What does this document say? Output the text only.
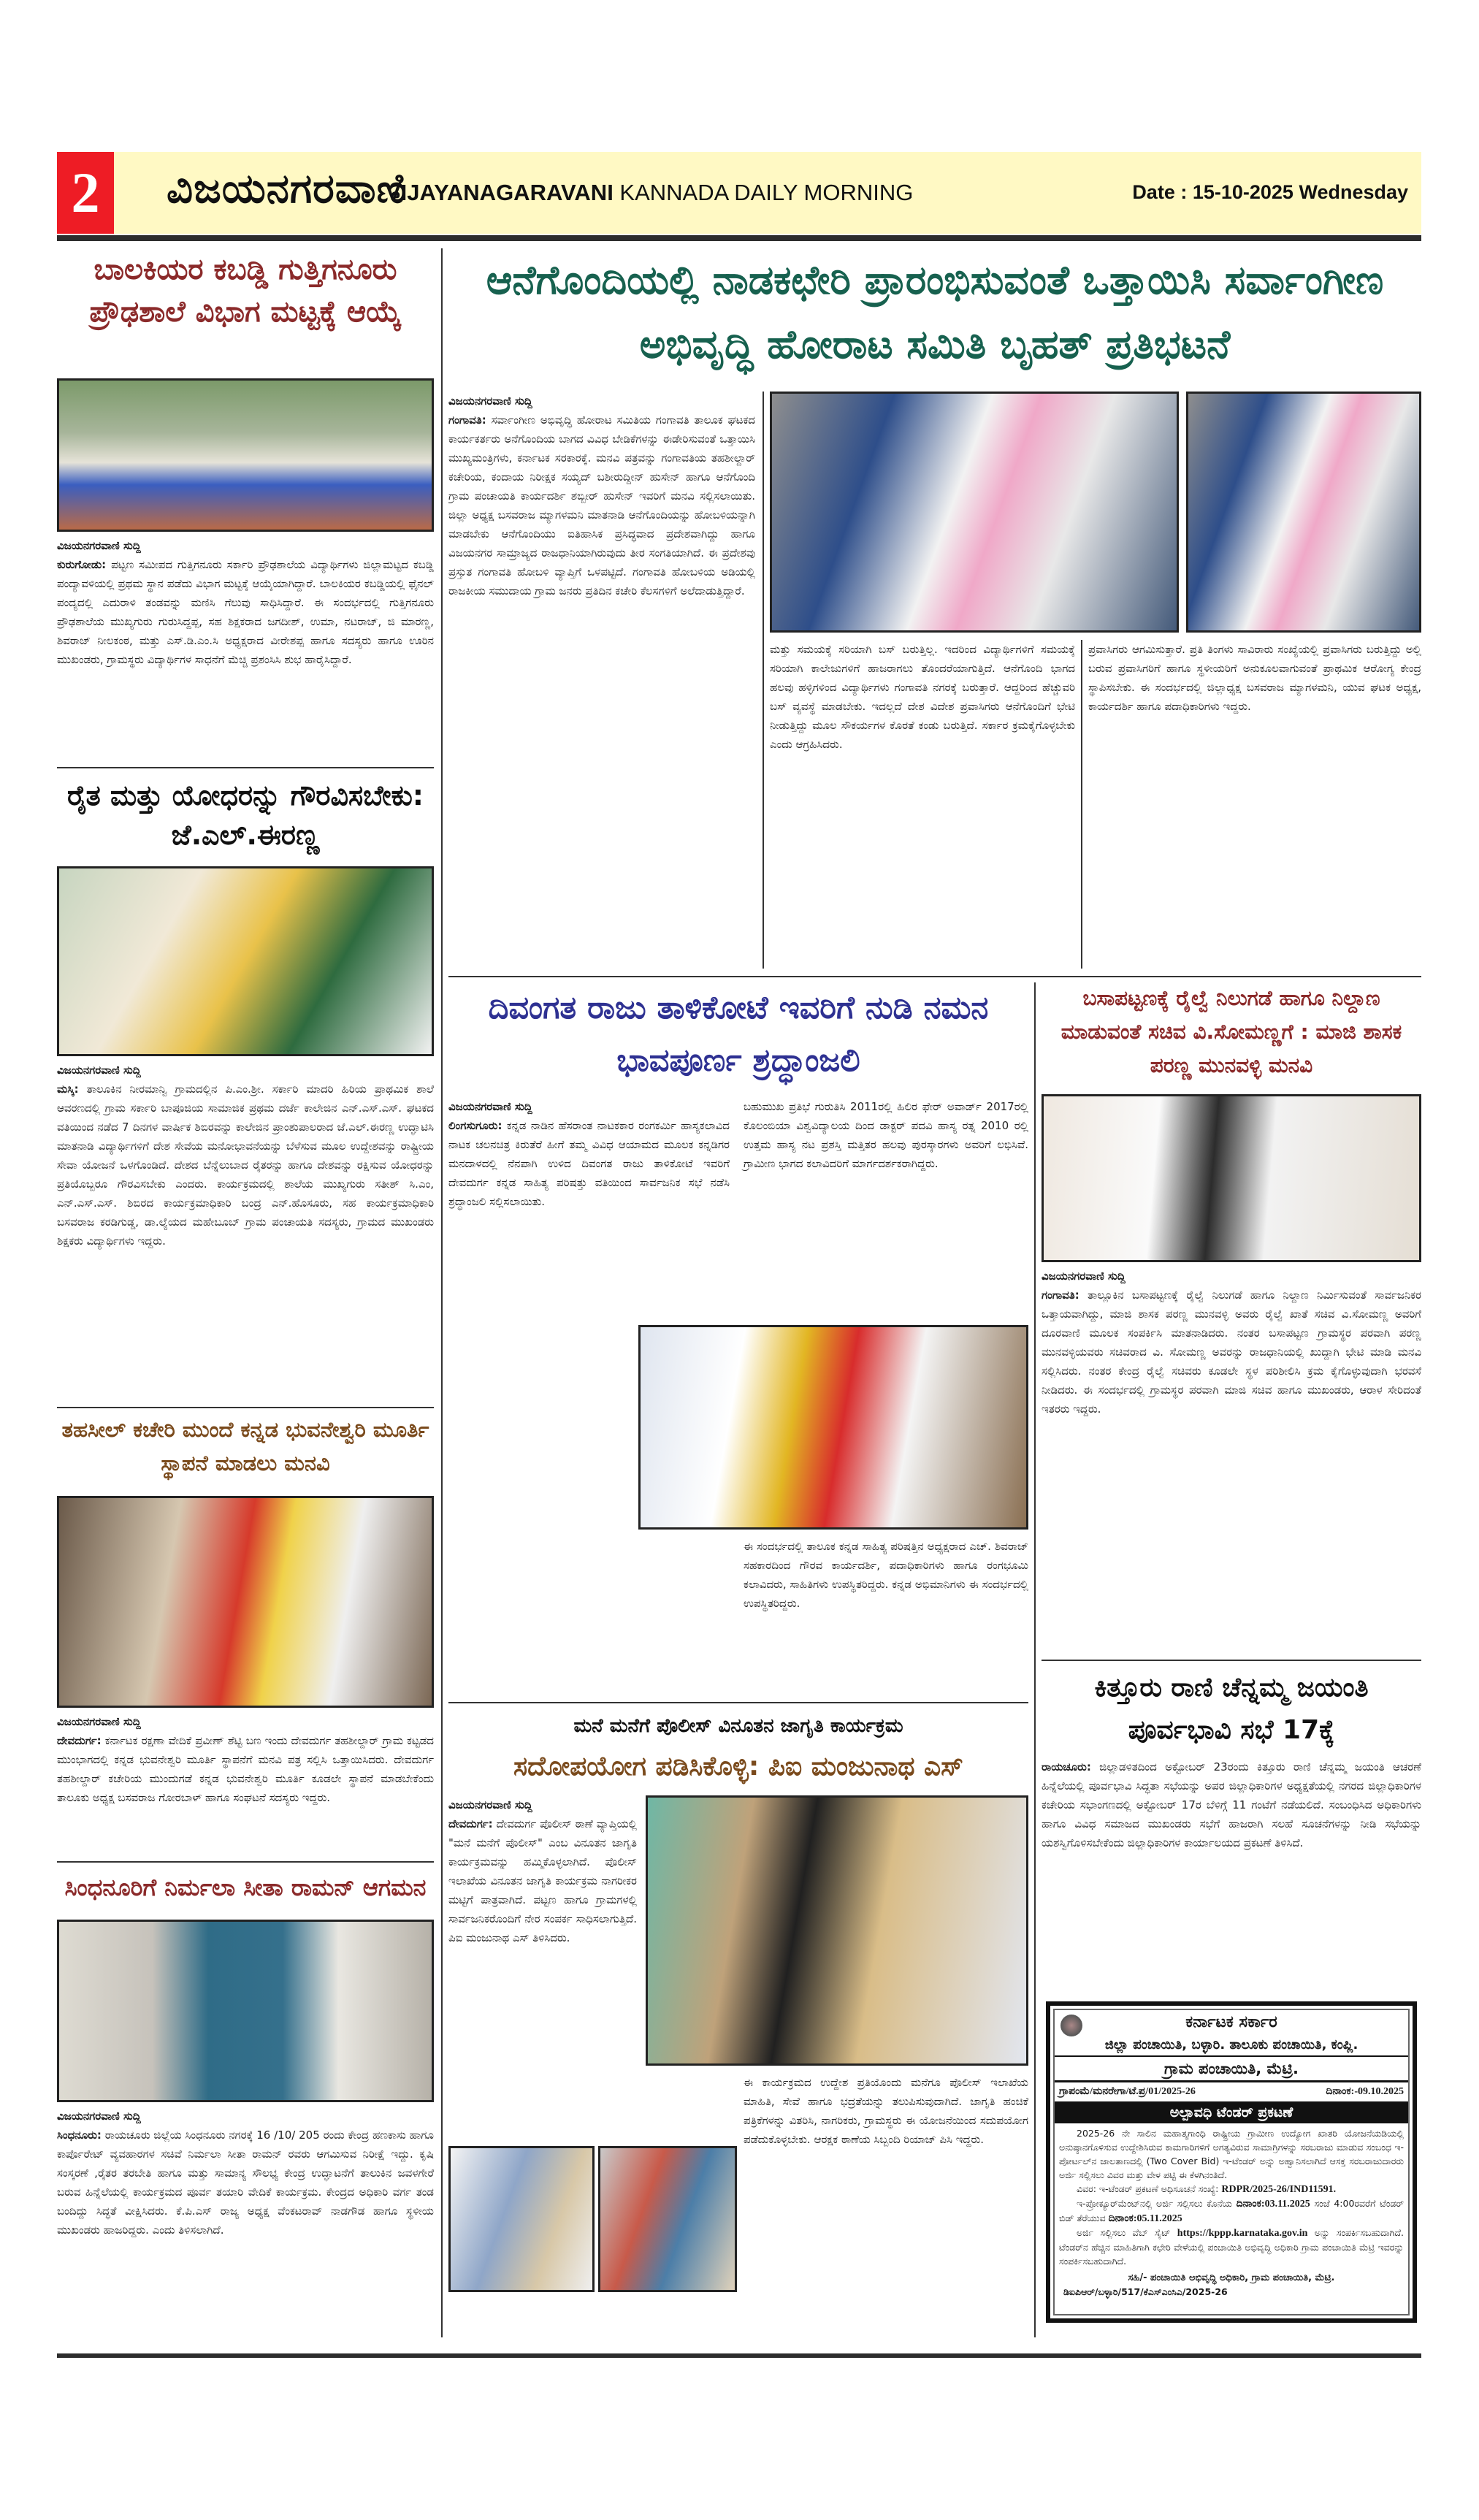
2	ವಿಜಯನಗರವಾಣಿ
VIJAYANAGARAVANI KANNADA DAILY MORNING	Date : 15-10-2025 Wednesday
ಬಾಲಕಿಯರ ಕಬಡ್ಡಿ ಗುತ್ತಿಗನೂರು ಪ್ರೌಢಶಾಲೆ ವಿಭಾಗ ಮಟ್ಟಕ್ಕೆ ಆಯ್ಕೆ
ವಿಜಯನಗರವಾಣಿ ಸುದ್ದಿ
ಕುರುಗೋಡು: ಪಟ್ಟಣ ಸಮೀಪದ ಗುತ್ತಿಗನೂರು ಸರ್ಕಾರಿ ಪ್ರೌಢಶಾಲೆಯ ವಿದ್ಯಾರ್ಥಿಗಳು ಜಿಲ್ಲಾಮಟ್ಟದ ಕಬಡ್ಡಿ ಪಂದ್ಯಾವಳಿಯಲ್ಲಿ ಪ್ರಥಮ ಸ್ಥಾನ ಪಡೆದು ವಿಭಾಗ ಮಟ್ಟಕ್ಕೆ ಆಯ್ಕೆಯಾಗಿದ್ದಾರೆ. ಬಾಲಕಿಯರ ಕಬಡ್ಡಿಯಲ್ಲಿ ಫೈನಲ್ ಪಂದ್ಯದಲ್ಲಿ ಎದುರಾಳಿ ತಂಡವನ್ನು ಮಣಿಸಿ ಗೆಲುವು ಸಾಧಿಸಿದ್ದಾರೆ. ಈ ಸಂದರ್ಭದಲ್ಲಿ ಗುತ್ತಿಗನೂರು ಪ್ರೌಢಶಾಲೆಯ ಮುಖ್ಯಗುರು ಗುರುಸಿದ್ದಪ್ಪ, ಸಹ ಶಿಕ್ಷಕರಾದ ಜಗದೀಶ್, ಉಮಾ, ನಟರಾಜ್, ಜಿ ಮಾರಣ್ಣ, ಶಿವರಾಜ್ ನೀಲಕಂಠ, ಮತ್ತು ಎಸ್.ಡಿ.ಎಂ.ಸಿ ಅಧ್ಯಕ್ಷರಾದ ವೀರೇಶಪ್ಪ ಹಾಗೂ ಸದಸ್ಯರು ಹಾಗೂ ಊರಿನ ಮುಖಂಡರು, ಗ್ರಾಮಸ್ಥರು ವಿದ್ಯಾರ್ಥಿಗಳ ಸಾಧನೆಗೆ ಮೆಚ್ಚಿ ಪ್ರಶಂಸಿಸಿ ಶುಭ ಹಾರೈಸಿದ್ದಾರೆ.
ರೈತ ಮತ್ತು ಯೋಧರನ್ನು ಗೌರವಿಸಬೇಕು: ಜೆ.ಎಲ್.ಈರಣ್ಣ
ವಿಜಯನಗರವಾಣಿ ಸುದ್ದಿ
ಮಸ್ಕಿ: ತಾಲೂಕಿನ ನೀರಮಾನ್ವಿ ಗ್ರಾಮದಲ್ಲಿನ ಪಿ.ಎಂ.ಶ್ರೀ. ಸರ್ಕಾರಿ ಮಾದರಿ ಹಿರಿಯ ಪ್ರಾಥಮಿಕ ಶಾಲೆ ಆವರಣದಲ್ಲಿ ಗ್ರಾಮ ಸರ್ಕಾರಿ ಬಾಪೂಜಿಯ ಸಾಮಾಜಿಕ ಪ್ರಥಮ ದರ್ಜೆ ಕಾಲೇಜಿನ ಎನ್.ಎಸ್.ಎಸ್. ಘಟಕದ ವತಿಯಿಂದ ನಡೆದ 7 ದಿನಗಳ ವಾರ್ಷಿಕ ಶಿಬಿರವನ್ನು ಕಾಲೇಜಿನ ಪ್ರಾಂಶುಪಾಲರಾದ ಜೆ.ಎಲ್.ಈರಣ್ಣ ಉದ್ಘಾಟಿಸಿ ಮಾತನಾಡಿ ವಿದ್ಯಾರ್ಥಿಗಳಿಗೆ ದೇಶ ಸೇವೆಯ ಮನೋಭಾವನೆಯನ್ನು ಬೆಳೆಸುವ ಮೂಲ ಉದ್ದೇಶವನ್ನು ರಾಷ್ಟ್ರೀಯ ಸೇವಾ ಯೋಜನೆ ಒಳಗೊಂಡಿದೆ. ದೇಶದ ಬೆನ್ನೆಲುಬಾದ ರೈತರನ್ನು ಹಾಗೂ ದೇಶವನ್ನು ರಕ್ಷಿಸುವ ಯೋಧರನ್ನು ಪ್ರತಿಯೊಬ್ಬರೂ ಗೌರವಿಸಬೇಕು ಎಂದರು. ಕಾರ್ಯಕ್ರಮದಲ್ಲಿ ಶಾಲೆಯ ಮುಖ್ಯಗುರು ಸತೀಶ್ ಸಿ.ಎಂ, ಎನ್.ಎಸ್.ಎಸ್. ಶಿಬಿರದ ಕಾರ್ಯಕ್ರಮಾಧಿಕಾರಿ ಬಂದ್ರ ಎನ್.ಹೊಸೂರು, ಸಹ ಕಾರ್ಯಕ್ರಮಾಧಿಕಾರಿ ಬಸವರಾಜ ಕರಡಿಗುಡ್ಡ, ಡಾ.ಲ್ಯೆಯದ ಮಹೇಬೂಬ್ ಗ್ರಾಮ ಪಂಚಾಯತಿ ಸದಸ್ಯರು, ಗ್ರಾಮದ ಮುಖಂಡರು ಶಿಕ್ಷಕರು ವಿದ್ಯಾರ್ಥಿಗಳು ಇದ್ದರು.
ತಹಸೀಲ್ ಕಚೇರಿ ಮುಂದೆ ಕನ್ನಡ ಭುವನೇಶ್ವರಿ ಮೂರ್ತಿ ಸ್ಥಾಪನೆ ಮಾಡಲು ಮನವಿ
ವಿಜಯನಗರವಾಣಿ ಸುದ್ದಿ
ದೇವದುರ್ಗ: ಕರ್ನಾಟಕ ರಕ್ಷಣಾ ವೇದಿಕೆ ಪ್ರವೀಣ್ ಶೆಟ್ಟಿ ಬಣ ಇಂದು ದೇವದುರ್ಗ ತಹಶೀಲ್ದಾರ್ ಗ್ರಾಮ ಕಟ್ಟಡದ ಮುಂಭಾಗದಲ್ಲಿ ಕನ್ನಡ ಭುವನೇಶ್ವರಿ ಮೂರ್ತಿ ಸ್ಥಾಪನೆಗೆ ಮನವಿ ಪತ್ರ ಸಲ್ಲಿಸಿ ಒತ್ತಾಯಿಸಿದರು. ದೇವದುರ್ಗ ತಹಶೀಲ್ದಾರ್ ಕಚೇರಿಯ ಮುಂದುಗಡೆ ಕನ್ನಡ ಭುವನೇಶ್ವರಿ ಮೂರ್ತಿ ಕೂಡಲೇ ಸ್ಥಾಪನೆ ಮಾಡಬೇಕೆಂದು ತಾಲೂಕು ಅಧ್ಯಕ್ಷ ಬಸವರಾಜ ಗೋರಬಾಳ್ ಹಾಗೂ ಸಂಘಟನೆ ಸದಸ್ಯರು ಇದ್ದರು.
ಸಿಂಧನೂರಿಗೆ ನಿರ್ಮಲಾ ಸೀತಾ ರಾಮನ್ ಆಗಮನ
ವಿಜಯನಗರವಾಣಿ ಸುದ್ದಿ
ಸಿಂಧನೂರು: ರಾಯಚೂರು ಜಿಲ್ಲೆಯ ಸಿಂಧನೂರು ನಗರಕ್ಕೆ 16 /10/ 205 ರಂದು ಕೇಂದ್ರ ಹಣಕಾಸು ಹಾಗೂ ಕಾರ್ಪೊರೇಟ್ ವ್ಯವಹಾರಗಳ ಸಚಿವೆ ನಿರ್ಮಲಾ ಸೀತಾ ರಾಮನ್ ರವರು ಆಗಮಿಸುವ ನಿರೀಕ್ಷೆ ಇದ್ದು. ಕೃಷಿ ಸಂಸ್ಕರಣೆ ,ರೈತರ ತರಬೇತಿ ಹಾಗೂ ಮತ್ತು ಸಾಮಾನ್ಯ ಸೌಲಭ್ಯ ಕೇಂದ್ರ ಉದ್ಘಾಟನೆಗೆ ತಾಲುಕಿನ ಜವಳಗೇರೆ ಬರುವ ಹಿನ್ನೆಲೆಯಲ್ಲಿ ಕಾರ್ಯಕ್ರಮದ ಪೂರ್ವ ತಯಾರಿ ವೇದಿಕೆ ಕಾರ್ಯಕ್ರಮ. ಕೇಂದ್ರದ ಅಧಿಕಾರಿ ವರ್ಗ ತಂಡ ಬಂದಿದ್ದು ಸಿದ್ಧತೆ ವೀಕ್ಷಿಸಿದರು. ಕೆ.ಪಿ.ಎಸ್ ರಾಜ್ಯ ಅಧ್ಯಕ್ಷ ವೆಂಕಟರಾವ್ ನಾಡಗೌಡ ಹಾಗೂ ಸ್ಥಳೀಯ ಮುಖಂಡರು ಹಾಜರಿದ್ದರು. ಎಂದು ತಿಳಿಸಲಾಗಿದೆ.
ಆನೆಗೊಂದಿಯಲ್ಲಿ ನಾಡಕಛೇರಿ ಪ್ರಾರಂಭಿಸುವಂತೆ ಒತ್ತಾಯಿಸಿ ಸರ್ವಾಂಗೀಣ ಅಭಿವೃದ್ಧಿ ಹೋರಾಟ ಸಮಿತಿ ಬೃಹತ್ ಪ್ರತಿಭಟನೆ
ವಿಜಯನಗರವಾಣಿ ಸುದ್ದಿ
ಗಂಗಾವತಿ: ಸರ್ವಾಂಗೀಣ ಅಭಿವೃದ್ಧಿ ಹೋರಾಟ ಸಮಿತಿಯ ಗಂಗಾವತಿ ತಾಲೂಕ ಘಟಕದ ಕಾರ್ಯಕರ್ತರು ಅನೆಗೊಂದಿಯ ಬಾಗದ ವಿವಿಧ ಬೇಡಿಕೆಗಳನ್ನು ಈಡೇರಿಸುವಂತೆ ಒತ್ತಾಯಿಸಿ ಮುಖ್ಯಮಂತ್ರಿಗಳು, ಕರ್ನಾಟಕ ಸರಕಾರಕ್ಕೆ. ಮನವಿ ಪತ್ರವನ್ನು ಗಂಗಾವತಿಯ ತಹಶೀಲ್ದಾರ್ ಕಚೇರಿಯ, ಕಂದಾಯ ನಿರೀಕ್ಷಕ ಸಯ್ಯದ್ ಬಶೀರುದ್ದೀನ್ ಹುಸೇನ್ ಹಾಗೂ ಆನೆಗೊಂದಿ ಗ್ರಾಮ ಪಂಚಾಯತಿ ಕಾರ್ಯದರ್ಶಿ ಶಬ್ಬೀರ್ ಹುಸೇನ್ ಇವರಿಗೆ ಮನವಿ ಸಲ್ಲಿಸಲಾಯಿತು. ಜಿಲ್ಲಾ ಅಧ್ಯಕ್ಷ ಬಸವರಾಜ ಮ್ಯಾಗಳಮನಿ ಮಾತನಾಡಿ ಆನೆಗೊಂದಿಯನ್ನು ಹೋಬಳಿಯನ್ನಾಗಿ ಮಾಡಬೇಕು ಆನೆಗೊಂದಿಯು ಐತಿಹಾಸಿಕ ಪ್ರಸಿದ್ಧವಾದ ಪ್ರದೇಶವಾಗಿದ್ದು ಹಾಗೂ ವಿಜಯನಗರ ಸಾಮ್ರಾಜ್ಯದ ರಾಜಧಾನಿಯಾಗಿರುವುದು ತೀರ ಸಂಗತಿಯಾಗಿದೆ. ಈ ಪ್ರದೇಶವು ಪ್ರಸ್ತುತ ಗಂಗಾವತಿ ಹೋಬಳಿ ವ್ಯಾಪ್ತಿಗೆ ಒಳಪಟ್ಟಿದೆ. ಗಂಗಾವತಿ ಹೋಬಳಿಯ ಅಡಿಯಲ್ಲಿ ರಾಜಕೀಯ ಸಮುದಾಯ ಗ್ರಾಮ ಜನರು ಪ್ರತಿದಿನ ಕಚೇರಿ ಕೆಲಸಗಳಿಗೆ ಅಲೆದಾಡುತ್ತಿದ್ದಾರೆ.
ಮತ್ತು ಸಮಯಕ್ಕೆ ಸರಿಯಾಗಿ ಬಸ್ ಬರುತ್ತಿಲ್ಲ. ಇದರಿಂದ ವಿದ್ಯಾರ್ಥಿಗಳಿಗೆ ಸಮಯಕ್ಕೆ ಸರಿಯಾಗಿ ಕಾಲೇಜುಗಳಿಗೆ ಹಾಜರಾಗಲು ತೊಂದರೆಯಾಗುತ್ತಿದೆ. ಆನೆಗೊಂದಿ ಭಾಗದ ಹಲವು ಹಳ್ಳಿಗಳಿಂದ ವಿದ್ಯಾರ್ಥಿಗಳು ಗಂಗಾವತಿ ನಗರಕ್ಕೆ ಬರುತ್ತಾರೆ. ಆದ್ದರಿಂದ ಹೆಚ್ಚುವರಿ ಬಸ್ ವ್ಯವಸ್ಥೆ ಮಾಡಬೇಕು. ಇದಲ್ಲದೆ ದೇಶ ವಿದೇಶ ಪ್ರವಾಸಿಗರು ಆನೆಗೊಂದಿಗೆ ಭೇಟಿ ನೀಡುತ್ತಿದ್ದು ಮೂಲ ಸೌಕರ್ಯಗಳ ಕೊರತೆ ಕಂಡು ಬರುತ್ತಿದೆ. ಸರ್ಕಾರ ಕ್ರಮಕೈಗೊಳ್ಳಬೇಕು ಎಂದು ಆಗ್ರಹಿಸಿದರು.
ಪ್ರವಾಸಿಗರು ಆಗಮಿಸುತ್ತಾರೆ. ಪ್ರತಿ ತಿಂಗಳು ಸಾವಿರಾರು ಸಂಖ್ಯೆಯಲ್ಲಿ ಪ್ರವಾಸಿಗರು ಬರುತ್ತಿದ್ದು ಅಲ್ಲಿ ಬರುವ ಪ್ರವಾಸಿಗರಿಗೆ ಹಾಗೂ ಸ್ಥಳೀಯರಿಗೆ ಅನುಕೂಲವಾಗುವಂತೆ ಪ್ರಾಥಮಿಕ ಆರೋಗ್ಯ ಕೇಂದ್ರ ಸ್ಥಾಪಿಸಬೇಕು. ಈ ಸಂದರ್ಭದಲ್ಲಿ ಜಿಲ್ಲಾಧ್ಯಕ್ಷ ಬಸವರಾಜ ಮ್ಯಾಗಳಮನಿ, ಯುವ ಘಟಕ ಅಧ್ಯಕ್ಷ, ಕಾರ್ಯದರ್ಶಿ ಹಾಗೂ ಪದಾಧಿಕಾರಿಗಳು ಇದ್ದರು.
ದಿವಂಗತ ರಾಜು ತಾಳಿಕೋಟೆ ಇವರಿಗೆ ನುಡಿ ನಮನ ಭಾವಪೂರ್ಣ ಶ್ರದ್ಧಾಂಜಲಿ
ವಿಜಯನಗರವಾಣಿ ಸುದ್ದಿ
ಲಿಂಗಸುಗೂರು: ಕನ್ನಡ ನಾಡಿನ ಹೆಸರಾಂತ ನಾಟಕಕಾರ ರಂಗಕರ್ಮಿ ಹಾಸ್ಯಕಲಾವಿದ ನಾಟಕ ಚಲನಚಿತ್ರ ಕಿರುತೆರೆ ಹೀಗೆ ತಮ್ಮ ವಿವಿಧ ಆಯಾಮದ ಮೂಲಕ ಕನ್ನಡಿಗರ ಮನದಾಳದಲ್ಲಿ ನೆನಪಾಗಿ ಉಳಿದ ದಿವಂಗತ ರಾಜು ತಾಳಿಕೋಟೆ ಇವರಿಗೆ ದೇವದುರ್ಗ ಕನ್ನಡ ಸಾಹಿತ್ಯ ಪರಿಷತ್ತು ವತಿಯಿಂದ ಸಾರ್ವಜನಿಕ ಸಭೆ ನಡೆಸಿ ಶ್ರದ್ಧಾಂಜಲಿ ಸಲ್ಲಿಸಲಾಯಿತು.
ಬಹುಮುಖ ಪ್ರತಿಭೆ ಗುರುತಿಸಿ 2011ರಲ್ಲಿ ಹಿಲಿರ ಫೇರ್ ಅವಾರ್ಡ್ 2017ರಲ್ಲಿ ಕೊಲಂಬಿಯಾ ವಿಶ್ವವಿದ್ಯಾಲಯ ದಿಂದ ಡಾಕ್ಟರ್ ಪದವಿ ಹಾಸ್ಯ ರತ್ನ 2010 ರಲ್ಲಿ ಉತ್ತಮ ಹಾಸ್ಯ ನಟ ಪ್ರಶಸ್ತಿ ಮತ್ತಿತರ ಹಲವು ಪುರಸ್ಕಾರಗಳು ಅವರಿಗೆ ಲಭಿಸಿವೆ. ಗ್ರಾಮೀಣ ಭಾಗದ ಕಲಾವಿದರಿಗೆ ಮಾರ್ಗದರ್ಶಕರಾಗಿದ್ದರು.
ಈ ಸಂದರ್ಭದಲ್ಲಿ ತಾಲೂಕ ಕನ್ನಡ ಸಾಹಿತ್ಯ ಪರಿಷತ್ತಿನ ಅಧ್ಯಕ್ಷರಾದ ಎಚ್. ಶಿವರಾಜ್ ಸಹಕಾರದಿಂದ ಗೌರವ ಕಾರ್ಯದರ್ಶಿ, ಪದಾಧಿಕಾರಿಗಳು ಹಾಗೂ ರಂಗಭೂಮಿ ಕಲಾವಿದರು, ಸಾಹಿತಿಗಳು ಉಪಸ್ಥಿತರಿದ್ದರು. ಕನ್ನಡ ಅಭಿಮಾನಿಗಳು ಈ ಸಂದರ್ಭದಲ್ಲಿ ಉಪಸ್ಥಿತರಿದ್ದರು.
ಮನೆ ಮನೆಗೆ ಪೊಲೀಸ್ ವಿನೂತನ ಜಾಗೃತಿ ಕಾರ್ಯಕ್ರಮ
ಸದೋಪಯೋಗ ಪಡಿಸಿಕೊಳ್ಳಿ: ಪಿಐ ಮಂಜುನಾಥ ಎಸ್
ವಿಜಯನಗರವಾಣಿ ಸುದ್ದಿ
ದೇವದುರ್ಗ: ದೇವದುರ್ಗ ಪೊಲೀಸ್ ಠಾಣೆ ವ್ಯಾಪ್ತಿಯಲ್ಲಿ "ಮನೆ ಮನೆಗೆ ಪೊಲೀಸ್" ಎಂಬ ವಿನೂತನ ಜಾಗೃತಿ ಕಾರ್ಯಕ್ರಮವನ್ನು ಹಮ್ಮಿಕೊಳ್ಳಲಾಗಿದೆ. ಪೊಲೀಸ್ ಇಲಾಖೆಯ ವಿನೂತನ ಜಾಗೃತಿ ಕಾರ್ಯಕ್ರಮ ನಾಗರೀಕರ ಮಟ್ಟಿಗೆ ಪಾತ್ರವಾಗಿದೆ. ಪಟ್ಟಣ ಹಾಗೂ ಗ್ರಾಮಗಳಲ್ಲಿ ಸಾರ್ವಜನಿಕರೊಂದಿಗೆ ನೇರ ಸಂಪರ್ಕ ಸಾಧಿಸಲಾಗುತ್ತಿದೆ. ಪಿಐ ಮಂಜುನಾಥ ಎಸ್ ತಿಳಿಸಿದರು.
ಈ ಕಾರ್ಯಕ್ರಮದ ಉದ್ದೇಶ ಪ್ರತಿಯೊಂದು ಮನೆಗೂ ಪೊಲೀಸ್ ಇಲಾಖೆಯ ಮಾಹಿತಿ, ಸೇವೆ ಹಾಗೂ ಭದ್ರತೆಯನ್ನು ತಲುಪಿಸುವುದಾಗಿದೆ. ಜಾಗೃತಿ ಹಂಚಿಕೆ ಪತ್ರಿಕೆಗಳನ್ನು ವಿತರಿಸಿ, ನಾಗರಿಕರು, ಗ್ರಾಮಸ್ಥರು ಈ ಯೋಜನೆಯಿಂದ ಸದುಪಯೋಗ ಪಡೆದುಕೊಳ್ಳಬೇಕು. ಆರಕ್ಷಕ ಠಾಣೆಯ ಸಿಬ್ಬಂದಿ ರಿಯಾಜ್ ಪಿಸಿ ಇದ್ದರು.
ಬಸಾಪಟ್ಟಣಕ್ಕೆ ರೈಲ್ವೆ ನಿಲುಗಡೆ ಹಾಗೂ ನಿಲ್ದಾಣ ಮಾಡುವಂತೆ ಸಚಿವ ವಿ.ಸೋಮಣ್ಣಗೆ : ಮಾಜಿ ಶಾಸಕ ಪರಣ್ಣ ಮುನವಳ್ಳಿ ಮನವಿ
ವಿಜಯನಗರವಾಣಿ ಸುದ್ದಿ
ಗಂಗಾವತಿ: ತಾಲ್ಲೂಕಿನ ಬಸಾಪಟ್ಟಣಕ್ಕೆ ರೈಲ್ವೆ ನಿಲುಗಡೆ ಹಾಗೂ ನಿಲ್ದಾಣ ನಿರ್ಮಿಸುವಂತೆ ಸಾರ್ವಜನಿಕರ ಒತ್ತಾಯವಾಗಿದ್ದು, ಮಾಜಿ ಶಾಸಕ ಪರಣ್ಣ ಮುನವಳ್ಳಿ ಅವರು ರೈಲ್ವೆ ಖಾತೆ ಸಚಿವ ವಿ.ಸೋಮಣ್ಣ ಅವರಿಗೆ ದೂರವಾಣಿ ಮೂಲಕ ಸಂಪರ್ಕಿಸಿ ಮಾತನಾಡಿದರು. ನಂತರ ಬಸಾಪಟ್ಟಣ ಗ್ರಾಮಸ್ಥರ ಪರವಾಗಿ ಪರಣ್ಣ ಮುನವಳ್ಳಿಯವರು ಸಚಿವರಾದ ವಿ. ಸೋಮಣ್ಣ ಅವರನ್ನು ರಾಜಧಾನಿಯಲ್ಲಿ ಖುದ್ದಾಗಿ ಭೇಟಿ ಮಾಡಿ ಮನವಿ ಸಲ್ಲಿಸಿದರು. ನಂತರ ಕೇಂದ್ರ ರೈಲ್ವೆ ಸಚಿವರು ಕೂಡಲೇ ಸ್ಥಳ ಪರಿಶೀಲಿಸಿ ಕ್ರಮ ಕೈಗೊಳ್ಳುವುದಾಗಿ ಭರವಸೆ ನೀಡಿದರು. ಈ ಸಂದರ್ಭದಲ್ಲಿ ಗ್ರಾಮಸ್ಥರ ಪರವಾಗಿ ಮಾಜಿ ಸಚಿವ ಹಾಗೂ ಮುಖಂಡರು, ಆರಾಳ ಸೇರಿದಂತೆ ಇತರರು ಇದ್ದರು.
ಕಿತ್ತೂರು ರಾಣಿ ಚೆನ್ನಮ್ಮ ಜಯಂತಿ ಪೂರ್ವಭಾವಿ ಸಭೆ 17ಕ್ಕೆ
ರಾಯಚೂರು: ಜಿಲ್ಲಾಡಳಿತದಿಂದ ಅಕ್ಟೋಬರ್ 23ರಂದು ಕಿತ್ತೂರು ರಾಣಿ ಚೆನ್ನಮ್ಮ ಜಯಂತಿ ಆಚರಣೆ ಹಿನ್ನೆಲೆಯಲ್ಲಿ ಪೂರ್ವಭಾವಿ ಸಿದ್ಧತಾ ಸಭೆಯನ್ನು ಅಪರ ಜಿಲ್ಲಾಧಿಕಾರಿಗಳ ಅಧ್ಯಕ್ಷತೆಯಲ್ಲಿ ನಗರದ ಜಿಲ್ಲಾಧಿಕಾರಿಗಳ ಕಚೇರಿಯ ಸಭಾಂಗಣದಲ್ಲಿ ಅಕ್ಟೋಬರ್ 17ರ ಬೆಳಿಗ್ಗೆ 11 ಗಂಟೆಗೆ ನಡೆಯಲಿದೆ. ಸಂಬಂಧಿಸಿದ ಅಧಿಕಾರಿಗಳು ಹಾಗೂ ವಿವಿಧ ಸಮಾಜದ ಮುಖಂಡರು ಸಭೆಗೆ ಹಾಜರಾಗಿ ಸಲಹೆ ಸೂಚನೆಗಳನ್ನು ನೀಡಿ ಸಭೆಯನ್ನು ಯಶಸ್ವಿಗೊಳಿಸಬೇಕೆಂದು ಜಿಲ್ಲಾಧಿಕಾರಿಗಳ ಕಾರ್ಯಾಲಯದ ಪ್ರಕಟಣೆ ತಿಳಿಸಿದೆ.
ಕರ್ನಾಟಕ ಸರ್ಕಾರ
ಜಿಲ್ಲಾ ಪಂಚಾಯಿತಿ, ಬಳ್ಳಾರಿ. ತಾಲೂಕು ಪಂಚಾಯಿತಿ, ಕಂಪ್ಲಿ.
ಗ್ರಾಮ ಪಂಚಾಯಿತಿ, ಮೆಟ್ರಿ.
ಗ್ರಾಪಂಮೆ/ಮನರೇಗಾ/ಟೆ.ಪ್ರ/01/2025-26	ದಿನಾಂಕ:-09.10.2025
ಅಲ್ಪಾವಧಿ ಟೆಂಡರ್ ಪ್ರಕಟಣೆ

2025-26 ನೇ ಸಾಲಿನ ಮಹಾತ್ಮಗಾಂಧಿ ರಾಷ್ಟ್ರೀಯ ಗ್ರಾಮೀಣ ಉದ್ಯೋಗ ಖಾತರಿ ಯೋಜನೆಯಡಿಯಲ್ಲಿ ಅನುಷ್ಠಾನಗೊಳಿಸುವ ಉದ್ದೇಶಿಸಿರುವ ಕಾಮಗಾರಿಗಳಿಗೆ ಅಗತ್ಯವಿರುವ ಸಾಮಾಗ್ರಿಗಳನ್ನು ಸರಬರಾಜು ಮಾಡುವ ಸಂಬಂಧ ಇ-ಪೋರ್ಟಲ್‌ನ ಜಾಲತಾಣದಲ್ಲಿ (Two Cover Bid) ಇ-ಟೆಂಡರ್ ಅನ್ನು ಅಹ್ವಾನಿಸಲಾಗಿದೆ ಆಸಕ್ತ ಸರಬರಾಜುದಾರರು ಅರ್ಜಿ ಸಲ್ಲಿಸಲು ವಿವರ ಮತ್ತು ವೇಳ ಪಟ್ಟಿ ಈ ಕೆಳಗಿನಂತಿದೆ.

ವಿವರ: ಇ-ಟೆಂಡರ್ ಪ್ರಕಟಣೆ ಅಧಿಸೂಚನೆ ಸಂಖ್ಯೆ: RDPR/2025-26/IND11591.

ಇ-ಪ್ರೋಕ್ಯೂರ್‌ಮೆಂಟ್‌ನಲ್ಲಿ ಅರ್ಜಿ ಸಲ್ಲಿಸಲು ಕೊನೆಯ ದಿನಾಂಕ:03.11.2025 ಸಂಜೆ 4:00ರವರೆಗೆ ಟೆಂಡರ್ ಬಿಡ್ ತೆರೆಯುವ ದಿನಾಂಕ:05.11.2025

ಅರ್ಜಿ ಸಲ್ಲಿಸಲು ವೆಬ್ ಸೈಟ್ https://kppp.karnataka.gov.in ಅನ್ನು ಸಂಪರ್ಕಿಸಬಹುದಾಗಿದೆ. ಟೆಂಡರ್‌ನ ಹೆಚ್ಚಿನ ಮಾಹಿತಿಗಾಗಿ ಕಛೇರಿ ವೇಳೆಯಲ್ಲಿ ಪಂಚಾಯಿತಿ ಅಭಿವೃದ್ಧಿ ಅಧಿಕಾರಿ ಗ್ರಾಮ ಪಂಚಾಯಿತಿ ಮೆಟ್ರಿ ಇವರನ್ನು ಸಂಪರ್ಕಿಸಬಹುದಾಗಿದೆ.

ಸಹಿ/- ಪಂಚಾಯಿತಿ ಅಭಿವೃದ್ಧಿ ಅಧಿಕಾರಿ, ಗ್ರಾಮ ಪಂಚಾಯಿತಿ, ಮೆಟ್ರಿ.
ಡಿಐಪಿಆರ್/ಬಳ್ಳಾರಿ/517/ಕೆಎಸ್ಎಂಸಿಎ/2025-26
